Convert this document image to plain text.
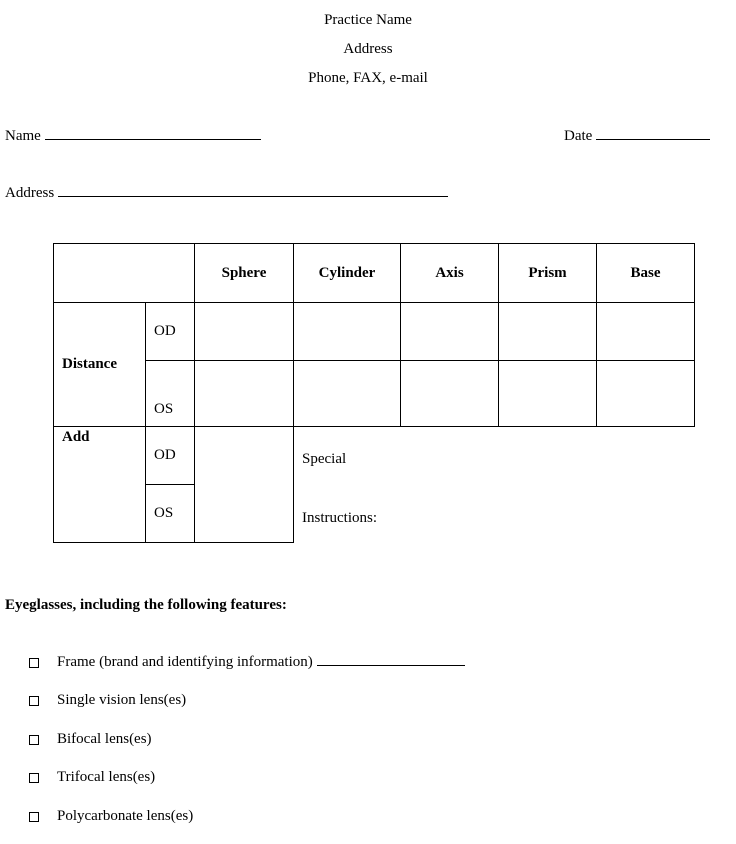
Practice Name
Address
Phone, FAX, e-mail
Name	Date
Address
		Sphere	Cylinder	Axis	Prism	Base
Distance	OD					
	OS					
Add	OD					
	OS					
Special
Instructions:
Eyeglasses, including the following features:
Frame (brand and identifying information)
Single vision lens(es)
Bifocal lens(es)
Trifocal lens(es)
Polycarbonate lens(es)
